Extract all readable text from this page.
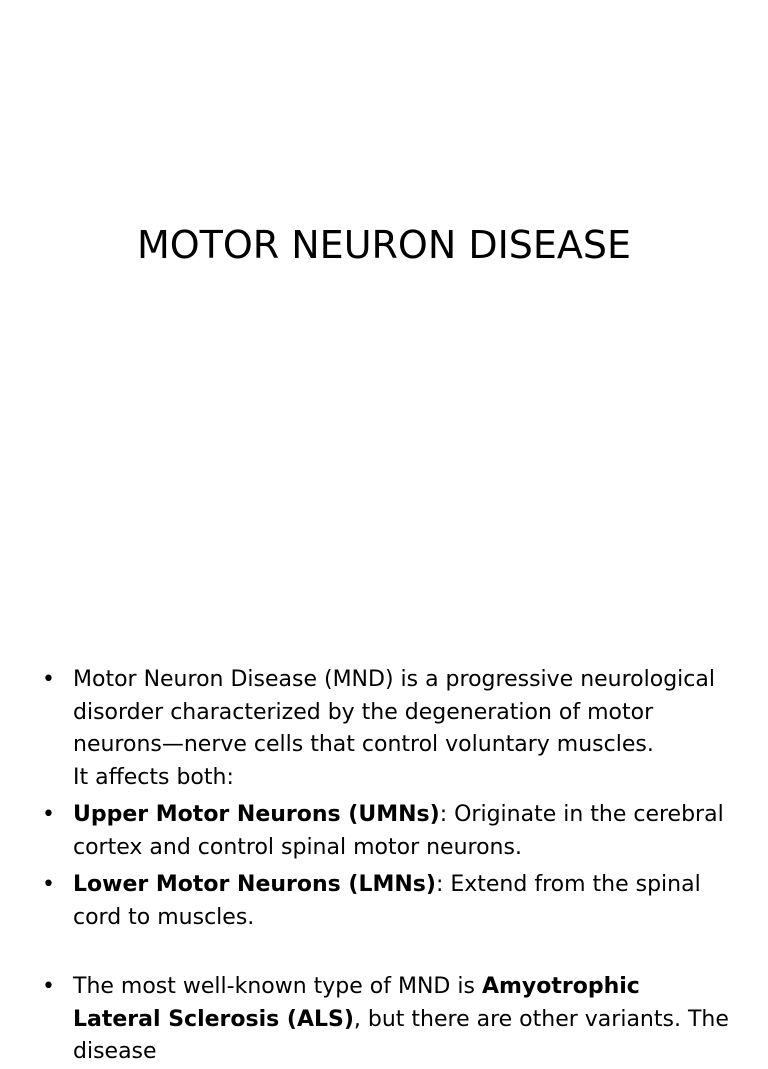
MOTOR NEURON DISEASE
• Motor Neuron Disease (MND) is a progressive neurological
disorder characterized by the degeneration of motor
neurons—nerve cells that control voluntary muscles.
It affects both:
• Upper Motor Neurons (UMNs): Originate in the cerebral cortex and control spinal motor neurons.
• Lower Motor Neurons (LMNs): Extend from the spinal cord to muscles.
• The most well-known type of MND is Amyotrophic Lateral Sclerosis (ALS), but there are other variants. The disease
